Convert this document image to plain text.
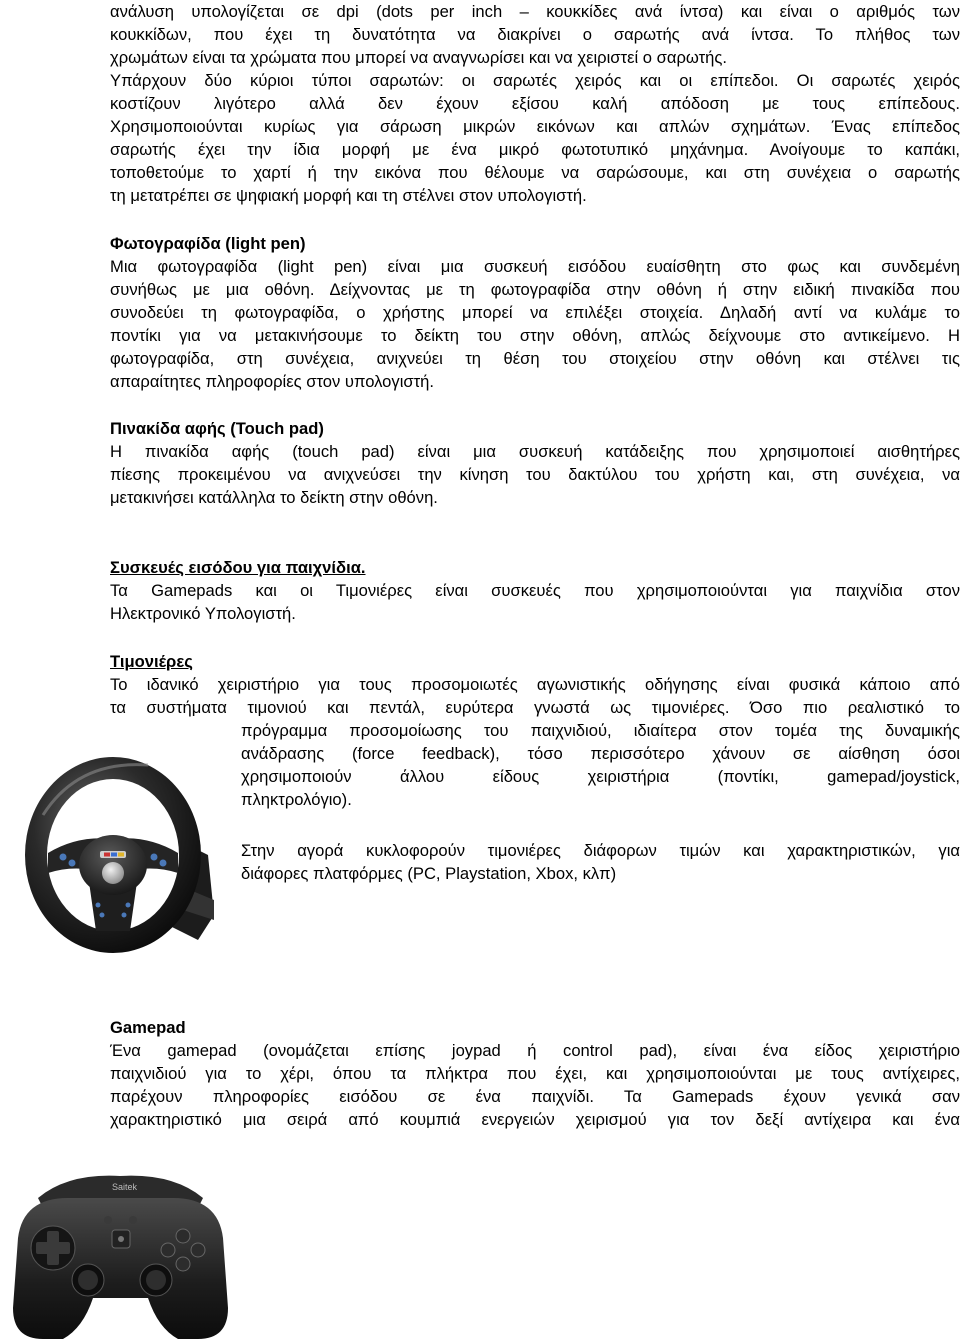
ανάλυση υπολογίζεται σε dpi (dots per inch – κουκκίδες ανά ίντσα) και είναι ο αριθμός των
κουκκίδων, που έχει τη δυνατότητα να διακρίνει ο σαρωτής ανά ίντσα. Το πλήθος των
χρωμάτων είναι τα χρώματα που μπορεί να αναγνωρίσει και να χειριστεί ο σαρωτής.
Υπάρχουν δύο κύριοι τύποι σαρωτών: οι σαρωτές χειρός και οι επίπεδοι. Οι σαρωτές χειρός
κοστίζουν λιγότερο αλλά δεν έχουν εξίσου καλή απόδοση με τους επίπεδους.
Χρησιμοποιούνται κυρίως για σάρωση μικρών εικόνων και απλών σχημάτων. Ένας επίπεδος
σαρωτής έχει την ίδια μορφή με ένα μικρό φωτοτυπικό μηχάνημα. Ανοίγουμε το καπάκι,
τοποθετούμε το χαρτί ή την εικόνα που θέλουμε να σαρώσουμε, και στη συνέχεια ο σαρωτής
τη μετατρέπει σε ψηφιακή μορφή και τη στέλνει στον υπολογιστή.
Φωτογραφίδα (light pen)
Μια φωτογραφίδα (light pen) είναι μια συσκευή εισόδου ευαίσθητη στο φως και συνδεμένη
συνήθως με μια οθόνη. Δείχνοντας με τη φωτογραφίδα στην οθόνη ή στην ειδική πινακίδα που
συνοδεύει τη φωτογραφίδα, ο χρήστης μπορεί να επιλέξει στοιχεία. Δηλαδή αντί να κυλάμε το
ποντίκι για να μετακινήσουμε το δείκτη του στην οθόνη, απλώς δείχνουμε στο αντικείμενο. Η
φωτογραφίδα, στη συνέχεια, ανιχνεύει τη θέση του στοιχείου στην οθόνη και στέλνει τις
απαραίτητες πληροφορίες στον υπολογιστή.
Πινακίδα αφής (Touch pad)
Η πινακίδα αφής (touch pad) είναι μια συσκευή κατάδειξης που χρησιμοποιεί αισθητήρες
πίεσης προκειμένου να ανιχνεύσει την κίνηση του δακτύλου του χρήστη και, στη συνέχεια, να
μετακινήσει κατάλληλα το δείκτη στην οθόνη.
Συσκευές εισόδου για παιχνίδια.
Τα Gamepads και οι Τιμονιέρες είναι συσκευές που χρησιμοποιούνται για παιχνίδια στον
Ηλεκτρονικό Υπολογιστή.
Τιμονιέρες
Το ιδανικό χειριστήριο για τους προσομοιωτές αγωνιστικής οδήγησης είναι φυσικά κάποιο από
τα συστήματα τιμονιού και πεντάλ, ευρύτερα γνωστά ως τιμονιέρες. Όσο πιο ρεαλιστικό το
πρόγραμμα προσομοίωσης του παιχνιδιού, ιδιαίτερα στον τομέα της δυναμικής
ανάδρασης (force feedback), τόσο περισσότερο χάνουν σε αίσθηση όσοι
χρησιμοποιούν άλλου είδους χειριστήρια (ποντίκι, gamepad/joystick,
πληκτρολόγιο).
Στην αγορά κυκλοφορούν τιμονιέρες διάφορων τιμών και χαρακτηριστικών, για
διάφορες πλατφόρμες (PC, Playstation, Xbox, κλπ)
Gamepad
Ένα gamepad (ονομάζεται επίσης joypad ή control pad), είναι ένα είδος χειριστήριο
παιχνιδιού για το χέρι, όπου τα πλήκτρα που έχει, και χρησιμοποιούνται με τους αντίχειρες,
παρέχουν πληροφορίες εισόδου σε ένα παιχνίδι. Τα Gamepads έχουν γενικά σαν
χαρακτηριστικό μια σειρά από κουμπιά ενεργειών χειρισμού για τον δεξί αντίχειρα και ένα
Saitek
